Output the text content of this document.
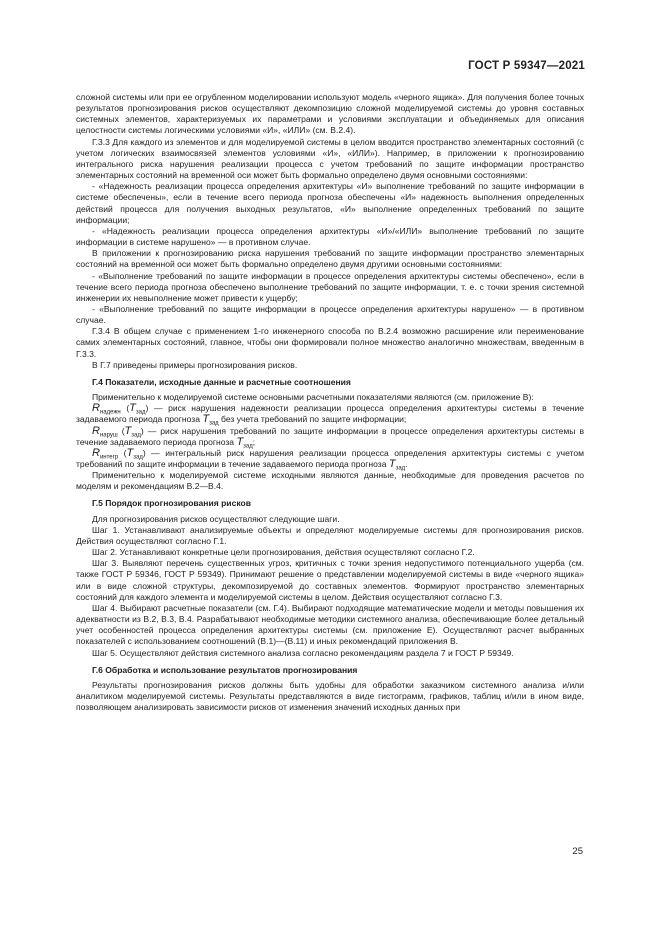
ГОСТ Р 59347—2021

сложной системы или при ее огрубленном моделировании используют модель «черного ящика». Для получения более точных результатов прогнозирования рисков осуществляют декомпозицию сложной моделируемой системы до уровня составных системных элементов, характеризуемых их параметрами и условиями эксплуатации и объединяемых для описания целостности системы логическими условиями «И», «ИЛИ» (см. В.2.4).

Г.3.3 Для каждого из элементов и для моделируемой системы в целом вводится пространство элементарных состояний (с учетом логических взаимосвязей элементов условиями «И», «ИЛИ»). Например, в приложении к прогнозированию интегрального риска нарушения реализации процесса с учетом требований по защите информации пространство элементарных состояний на временной оси может быть формально определено двумя основными состояниями:

- «Надежность реализации процесса определения архитектуры «И» выполнение требований по защите информации в системе обеспечены», если в течение всего периода прогноза обеспечены «И» надежность выполнения определенных действий процесса для получения выходных результатов, «И» выполнение определенных требований по защите информации;

- «Надежность реализации процесса определения архитектуры «И»/«ИЛИ» выполнение требований по защите информации в системе нарушено» — в противном случае.

В приложении к прогнозированию риска нарушения требований по защите информации пространство элементарных состояний на временной оси может быть формально определено двумя другими основными состояниями:

- «Выполнение требований по защите информации в процессе определения архитектуры системы обеспечено», если в течение всего периода прогноза обеспечено выполнение требований по защите информации, т. е. с точки зрения системной инженерии их невыполнение может привести к ущербу;

- «Выполнение требований по защите информации в процессе определения архитектуры нарушено» — в противном случае.

Г.3.4 В общем случае с применением 1-го инженерного способа по В.2.4 возможно расширение или переименование самих элементарных состояний, главное, чтобы они формировали полное множество аналогично множествам, введенным в Г.3.3.

В Г.7 приведены примеры прогнозирования рисков.

Г.4 Показатели, исходные данные и расчетные соотношения

Применительно к моделируемой системе основными расчетными показателями являются (см. приложение В):

$R_{надежн}$ $(T_{зад})$ — риск нарушения надежности реализации процесса определения архитектуры системы в течение задаваемого периода прогноза $T_{зад}$ без учета требований по защите информации;

$R_{наруш}$ $(T_{зад})$ — риск нарушения требований по защите информации в процессе определения архитектуры системы в течение задаваемого периода прогноза $T_{зад}$;

$R_{интегр}$ $(T_{зад})$ — интегральный риск нарушения реализации процесса определения архитектуры системы с учетом требований по защите информации в течение задаваемого периода прогноза $T_{зад}$.

Применительно к моделируемой системе исходными являются данные, необходимые для проведения расчетов по моделям и рекомендациям В.2—В.4.

Г.5 Порядок прогнозирования рисков

Для прогнозирования рисков осуществляют следующие шаги.

Шаг 1. Устанавливают анализируемые объекты и определяют моделируемые системы для прогнозирования рисков. Действия осуществляют согласно Г.1.

Шаг 2. Устанавливают конкретные цели прогнозирования, действия осуществляют согласно Г.2.

Шаг 3. Выявляют перечень существенных угроз, критичных с точки зрения недопустимого потенциального ущерба (см. также ГОСТ Р 59346, ГОСТ Р 59349). Принимают решение о представлении моделируемой системы в виде «черного ящика» или в виде сложной структуры, декомпозируемой до составных элементов. Формируют пространство элементарных состояний для каждого элемента и моделируемой системы в целом. Действия осуществляют согласно Г.3.

Шаг 4. Выбирают расчетные показатели (см. Г.4). Выбирают подходящие математические модели и методы повышения их адекватности из В.2, В.3, В.4. Разрабатывают необходимые методики системного анализа, обеспечивающие более детальный учет особенностей процесса определения архитектуры системы (см. приложение Е). Осуществляют расчет выбранных показателей с использованием соотношений (В.1)—(В.11) и иных рекомендаций приложения В.

Шаг 5. Осуществляют действия системного анализа согласно рекомендациям раздела 7 и ГОСТ Р 59349.

Г.6 Обработка и использование результатов прогнозирования

Результаты прогнозирования рисков должны быть удобны для обработки заказчиком системного анализа и/или аналитиком моделируемой системы. Результаты представляются в виде гистограмм, графиков, таблиц и/или в ином виде, позволяющем анализировать зависимости рисков от изменения значений исходных данных при

25
